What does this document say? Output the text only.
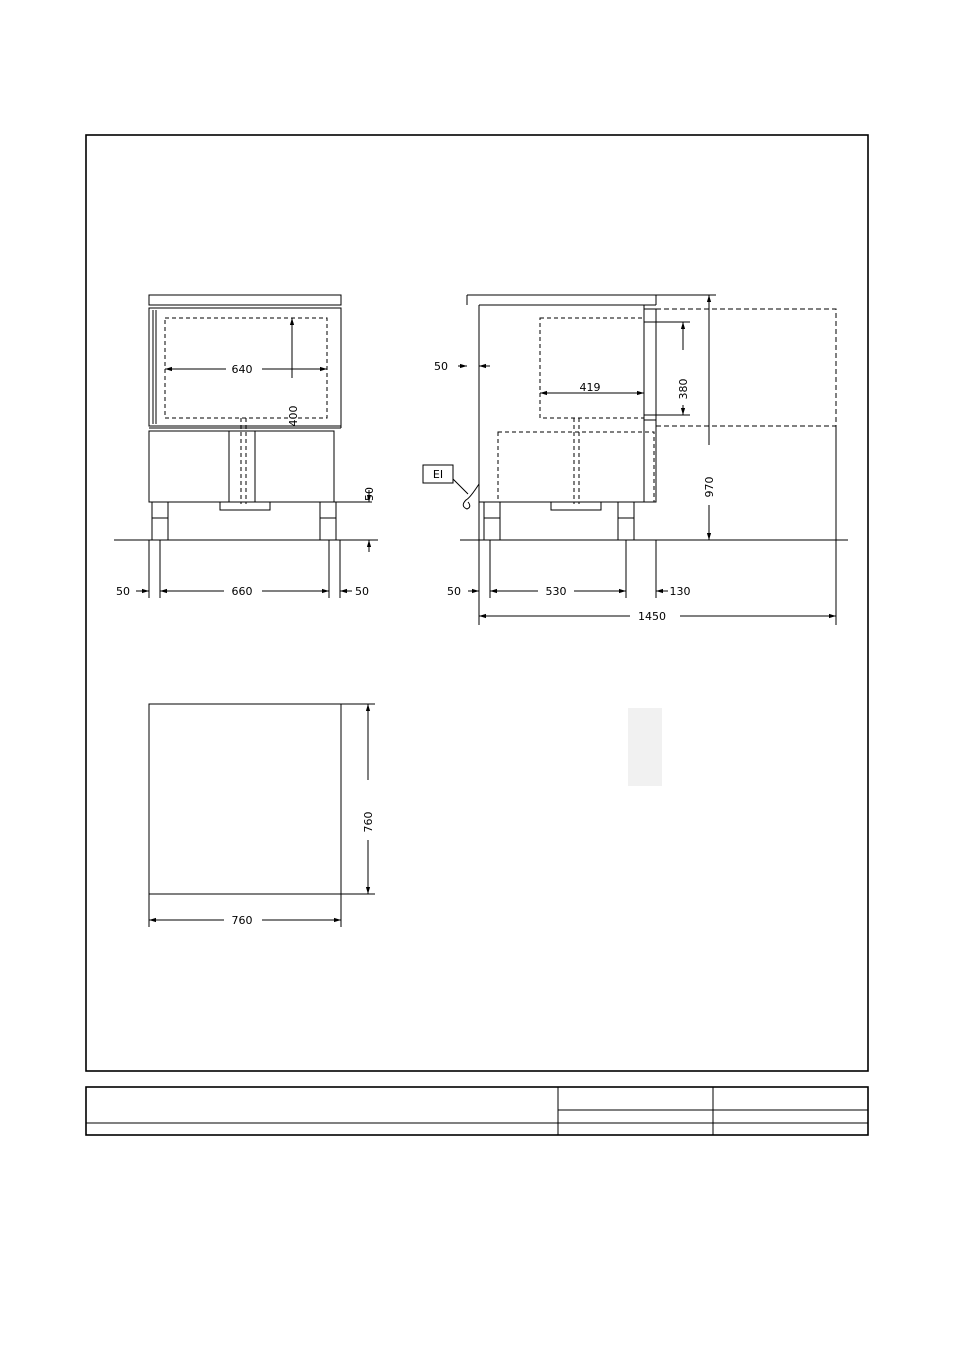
640
400
50
50	660	50
EI
50
419	380
970
50	530	130
1450
760
760
